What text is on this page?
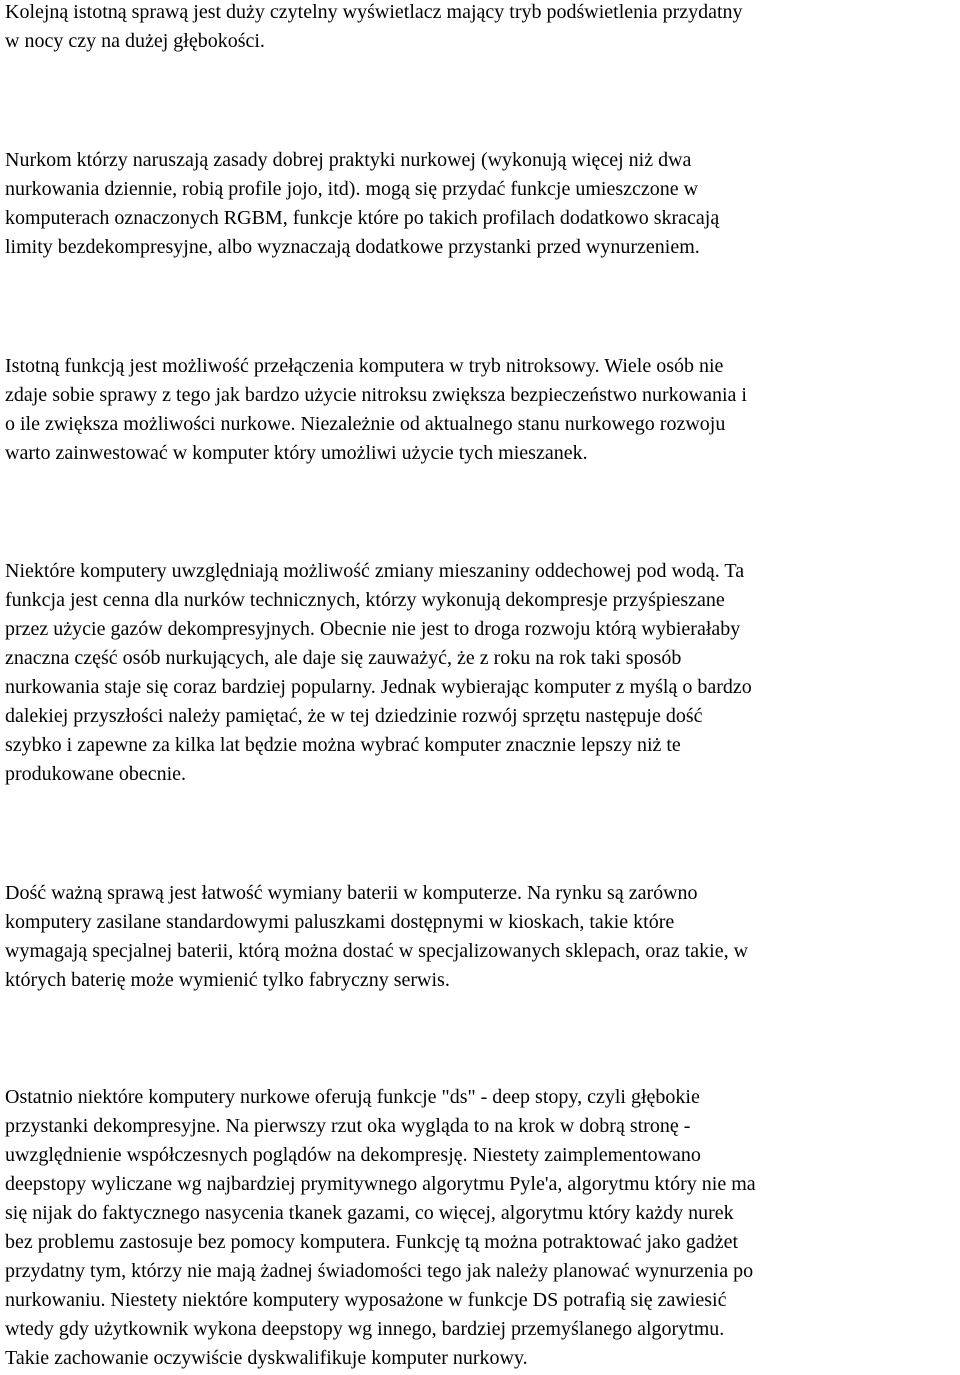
Kolejną istotną sprawą jest duży czytelny wyświetlacz mający tryb podświetlenia przydatny
w nocy czy na dużej głębokości.

Nurkom którzy naruszają zasady dobrej praktyki nurkowej (wykonują więcej niż dwa
nurkowania dziennie, robią profile jojo, itd). mogą się przydać funkcje umieszczone w
komputerach oznaczonych RGBM, funkcje które po takich profilach dodatkowo skracają
limity bezdekompresyjne, albo wyznaczają dodatkowe przystanki przed wynurzeniem.

Istotną funkcją jest możliwość przełączenia komputera w tryb nitroksowy. Wiele osób nie
zdaje sobie sprawy z tego jak bardzo użycie nitroksu zwiększa bezpieczeństwo nurkowania i
o ile zwiększa możliwości nurkowe. Niezależnie od aktualnego stanu nurkowego rozwoju
warto zainwestować w komputer który umożliwi użycie tych mieszanek.

Niektóre komputery uwzględniają możliwość zmiany mieszaniny oddechowej pod wodą. Ta
funkcja jest cenna dla nurków technicznych, którzy wykonują dekompresje przyśpieszane
przez użycie gazów dekompresyjnych. Obecnie nie jest to droga rozwoju którą wybierałaby
znaczna część osób nurkujących, ale daje się zauważyć, że z roku na rok taki sposób
nurkowania staje się coraz bardziej popularny. Jednak wybierając komputer z myślą o bardzo
dalekiej przyszłości należy pamiętać, że w tej dziedzinie rozwój sprzętu następuje dość
szybko i zapewne za kilka lat będzie można wybrać komputer znacznie lepszy niż te
produkowane obecnie.

Dość ważną sprawą jest łatwość wymiany baterii w komputerze. Na rynku są zarówno
komputery zasilane standardowymi paluszkami dostępnymi w kioskach, takie które
wymagają specjalnej baterii, którą można dostać w specjalizowanych sklepach, oraz takie, w
których baterię może wymienić tylko fabryczny serwis.

Ostatnio niektóre komputery nurkowe oferują funkcje "ds" - deep stopy, czyli głębokie
przystanki dekompresyjne. Na pierwszy rzut oka wygląda to na krok w dobrą stronę -
uwzględnienie współczesnych poglądów na dekompresję. Niestety zaimplementowano
deepstopy wyliczane wg najbardziej prymitywnego algorytmu Pyle'a, algorytmu który nie ma
się nijak do faktycznego nasycenia tkanek gazami, co więcej, algorytmu który każdy nurek
bez problemu zastosuje bez pomocy komputera. Funkcję tą można potraktować jako gadżet
przydatny tym, którzy nie mają żadnej świadomości tego jak należy planować wynurzenia po
nurkowaniu. Niestety niektóre komputery wyposażone w funkcje DS potrafią się zawiesić
wtedy gdy użytkownik wykona deepstopy wg innego, bardziej przemyślanego algorytmu.
Takie zachowanie oczywiście dyskwalifikuje komputer nurkowy.
